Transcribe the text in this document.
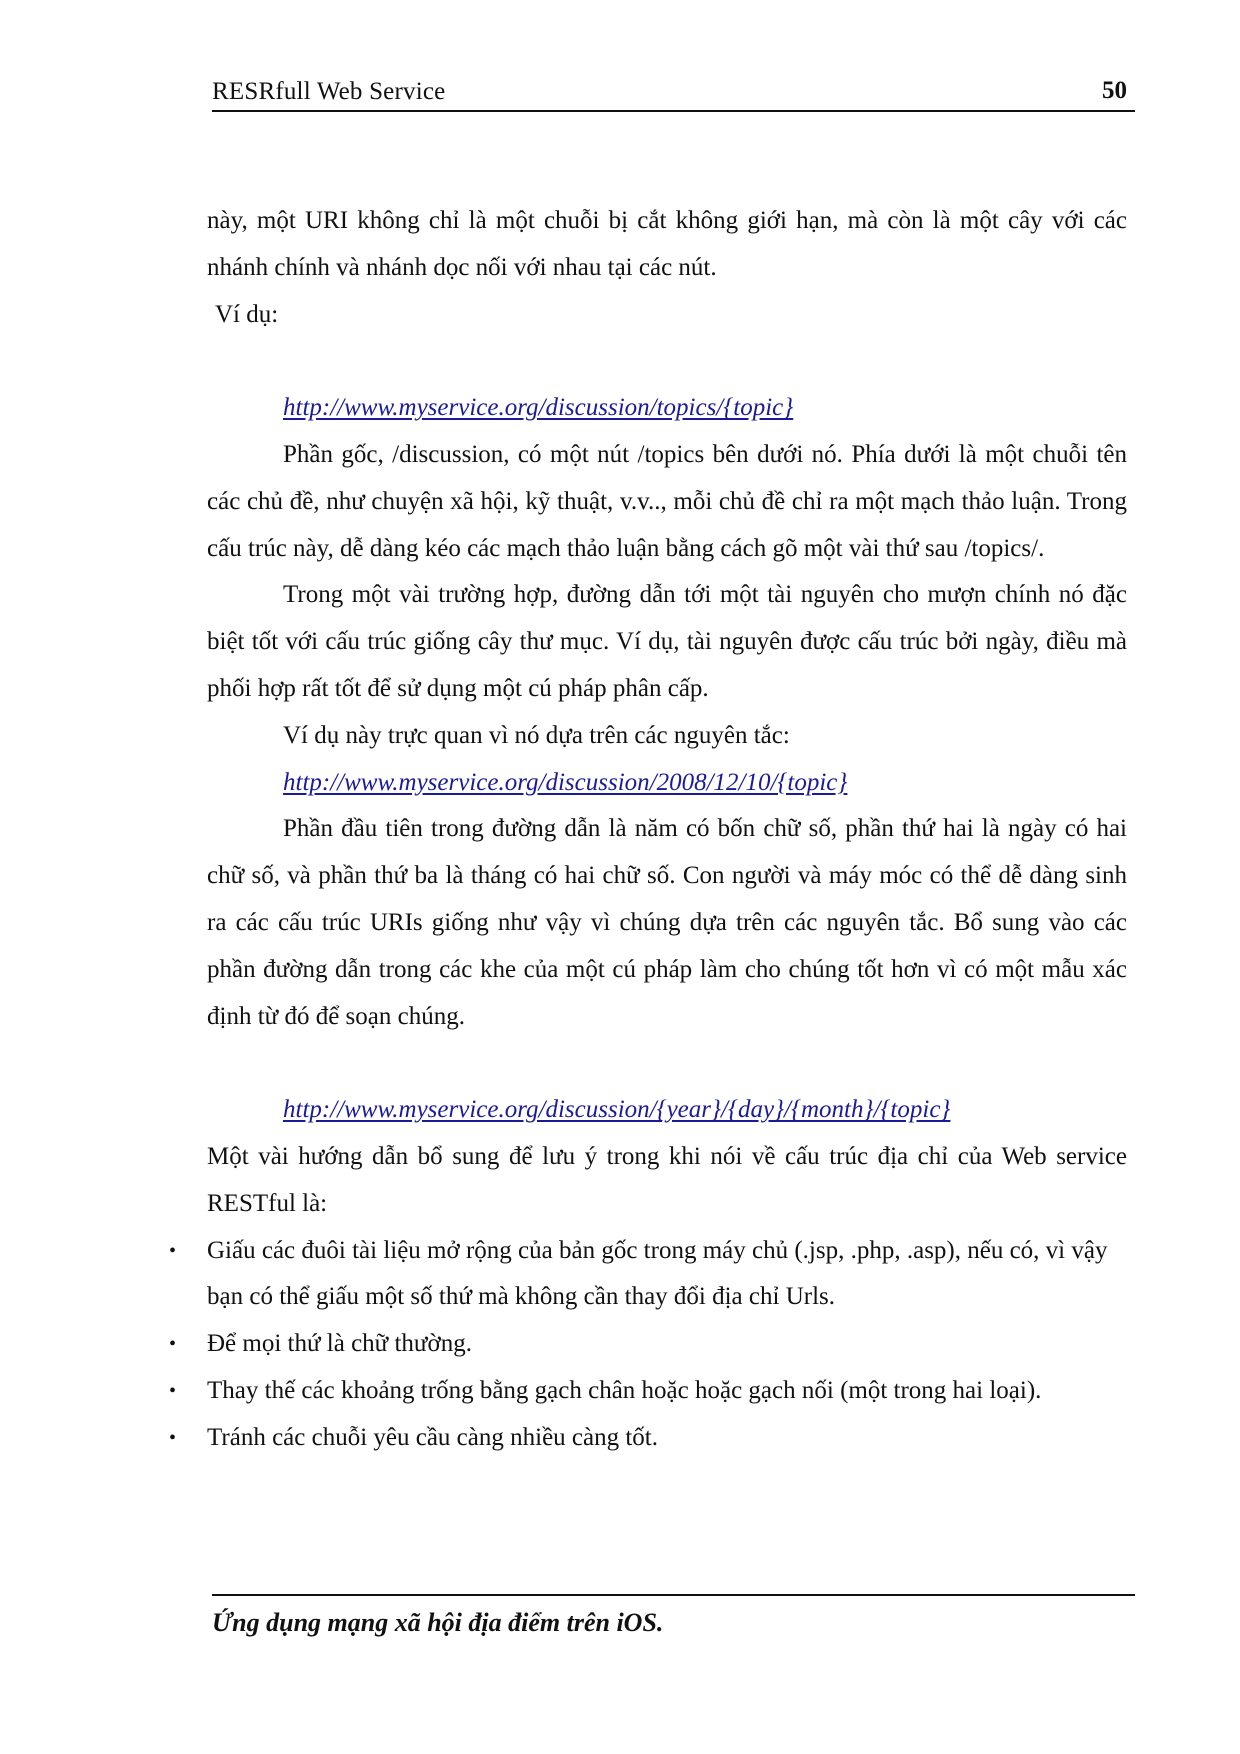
RESRfull Web Service	50

này, một URI không chỉ là một chuỗi bị cắt không giới hạn, mà còn là một cây với các nhánh chính và nhánh dọc nối với nhau tại các nút.

Ví dụ:

http://www.myservice.org/discussion/topics/{topic}

Phần gốc, /discussion, có một nút /topics bên dưới nó. Phía dưới là một chuỗi tên các chủ đề, như chuyện xã hội, kỹ thuật, v.v.., mỗi chủ đề chỉ ra một mạch thảo luận. Trong cấu trúc này, dễ dàng kéo các mạch thảo luận bằng cách gõ một vài thứ sau /topics/.

Trong một vài trường hợp, đường dẫn tới một tài nguyên cho mượn chính nó đặc biệt tốt với cấu trúc giống cây thư mục. Ví dụ, tài nguyên được cấu trúc bởi ngày, điều mà phối hợp rất tốt để sử dụng một cú pháp phân cấp.

Ví dụ này trực quan vì nó dựa trên các nguyên tắc:

http://www.myservice.org/discussion/2008/12/10/{topic}

Phần đầu tiên trong đường dẫn là năm có bốn chữ số, phần thứ hai là ngày có hai chữ số, và phần thứ ba là tháng có hai chữ số. Con người và máy móc có thể dễ dàng sinh ra các cấu trúc URIs giống như vậy vì chúng dựa trên các nguyên tắc. Bổ sung vào các phần đường dẫn trong các khe của một cú pháp làm cho chúng tốt hơn vì có một mẫu xác định từ đó để soạn chúng.

http://www.myservice.org/discussion/{year}/{day}/{month}/{topic}

Một vài hướng dẫn bổ sung để lưu ý trong khi nói về cấu trúc địa chỉ của Web service RESTful là:

• Giấu các đuôi tài liệu mở rộng của bản gốc trong máy chủ (.jsp, .php, .asp), nếu có, vì vậy bạn có thể giấu một số thứ mà không cần thay đổi địa chỉ Urls.
• Để mọi thứ là chữ thường.
• Thay thế các khoảng trống bằng gạch chân hoặc hoặc gạch nối (một trong hai loại).
• Tránh các chuỗi yêu cầu càng nhiều càng tốt.
Ứng dụng mạng xã hội địa điểm trên iOS.
